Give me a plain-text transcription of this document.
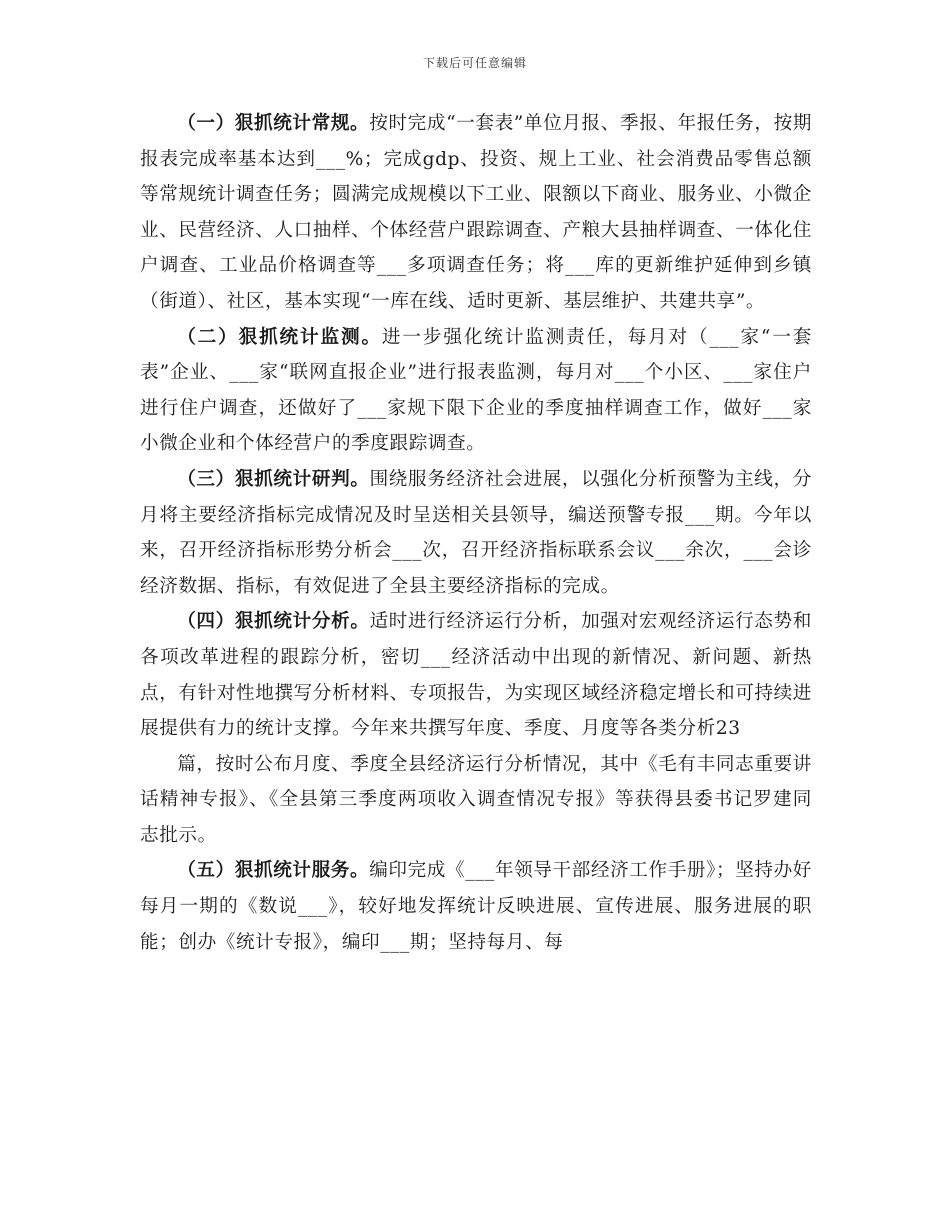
下载后可任意编辑

（一）狠抓统计常规。按时完成“一套表”单位月报、季报、年报任务，按期报表完成率基本达到___%；完成gdp、投资、规上工业、社会消费品零售总额等常规统计调查任务；圆满完成规模以下工业、限额以下商业、服务业、小微企业、民营经济、人口抽样、个体经营户跟踪调查、产粮大县抽样调查、一体化住户调查、工业品价格调查等___多项调查任务；将___库的更新维护延伸到乡镇（街道）、社区，基本实现“一库在线、适时更新、基层维护、共建共享”。

（二）狠抓统计监测。进一步强化统计监测责任，每月对（___家“一套表”企业、___家“联网直报企业”进行报表监测，每月对___个小区、___家住户进行住户调查，还做好了___家规下限下企业的季度抽样调查工作，做好___家小微企业和个体经营户的季度跟踪调查。

（三）狠抓统计研判。围绕服务经济社会进展，以强化分析预警为主线，分月将主要经济指标完成情况及时呈送相关县领导，编送预警专报___期。今年以来，召开经济指标形势分析会___次，召开经济指标联系会议___余次，___会诊经济数据、指标，有效促进了全县主要经济指标的完成。

（四）狠抓统计分析。适时进行经济运行分析，加强对宏观经济运行态势和各项改革进程的跟踪分析，密切___经济活动中出现的新情况、新问题、新热点，有针对性地撰写分析材料、专项报告，为实现区域经济稳定增长和可持续进展提供有力的统计支撑。今年来共撰写年度、季度、月度等各类分析23

篇，按时公布月度、季度全县经济运行分析情况，其中《毛有丰同志重要讲话精神专报》、《全县第三季度两项收入调查情况专报》等获得县委书记罗建同志批示。

（五）狠抓统计服务。编印完成《___年领导干部经济工作手册》；坚持办好每月一期的《数说___》，较好地发挥统计反映进展、宣传进展、服务进展的职能；创办《统计专报》，编印___期；坚持每月、每
